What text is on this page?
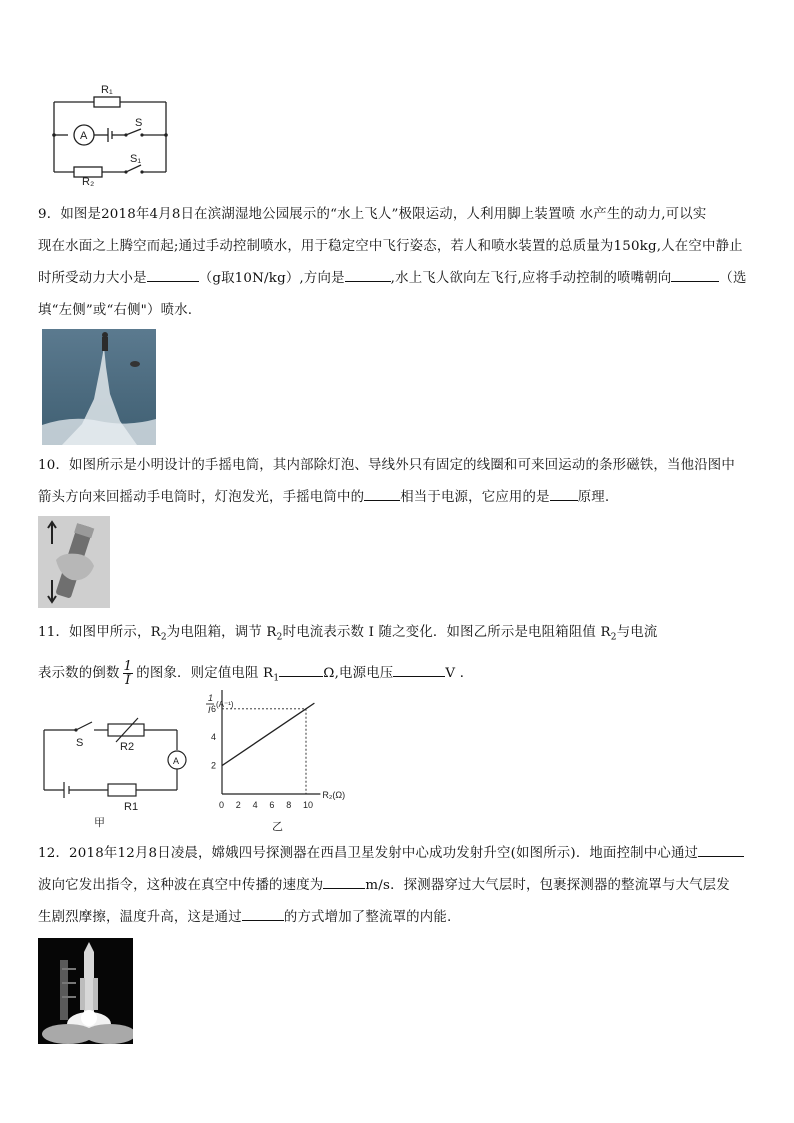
R₁
A
S
S₁
R₂
9．如图是2018年4月8日在滨湖湿地公园展示的“水上飞人”极限运动，人利用脚上装置喷 水产生的动力,可以实
现在水面之上腾空而起;通过手动控制喷水，用于稳定空中飞行姿态，若人和喷水装置的总质量为150kg,人在空中静止
时所受动力大小是	（g取10N/kg）,方向是	,水上飞人欲向左飞行,应将手动控制的喷嘴朝向	（选
填“左侧”或“右侧"）喷水.
10．如图所示是小明设计的手摇电筒，其内部除灯泡、导线外只有固定的线圈和可来回运动的条形磁铁，当他沿图中
箭头方向来回摇动手电筒时，灯泡发光，手摇电筒中的	相当于电源，它应用的是 原理.
11．如图甲所示，$R_2$为电阻箱，调节 $R_2$时电流表示数 I 随之变化．如图乙所示是电阻箱阻值 $R_2$与电流
表示数的倒数 $\frac{1}{I}$ 的图象．则定值电阻 $R_1$	Ω,电源电压	V ．
S	R2
A
R1
甲
1
I
(A⁻¹)
R₂(Ω)
0 2 4 6 8 10
2
4
6
乙
12．2018年12月8日凌晨，嫦娥四号探测器在西昌卫星发射中心成功发射升空(如图所示)．地面控制中心通过
波向它发出指令，这种波在真空中传播的速度为	m/s．探测器穿过大气层时，包裹探测器的整流罩与大气层发
生剧烈摩擦，温度升高，这是通过	的方式增加了整流罩的内能.
